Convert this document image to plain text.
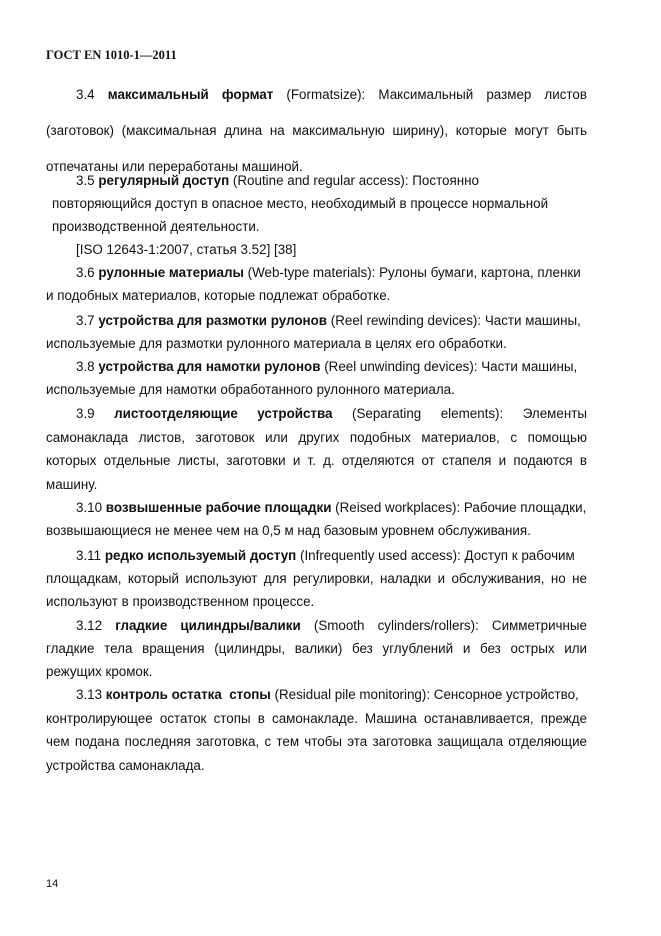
ГОСТ EN 1010-1—2011
3.4 максимальный формат (Formatsize): Максимальный размер листов
(заготовок) (максимальная длина на максимальную ширину), которые могут быть
отпечатаны или переработаны машиной.
3.5 регулярный доступ (Routine and regular access): Постоянно
повторяющийся доступ в опасное место, необходимый в процессе нормальной
производственной деятельности.
[ISO 12643-1:2007, статья 3.52] [38]
3.6 рулонные материалы (Web-type materials): Рулоны бумаги, картона, пленки
и подобных материалов, которые подлежат обработке.
3.7 устройства для размотки рулонов (Reel rewinding devices): Части машины,
используемые для размотки рулонного материала в целях его обработки.
3.8 устройства для намотки рулонов (Reel unwinding devices): Части машины,
используемые для намотки обработанного рулонного материала.
3.9 листоотделяющие устройства (Separating elements): Элементы
самонаклада листов, заготовок или других подобных материалов, с помощью
которых отдельные листы, заготовки и т. д. отделяются от стапеля и подаются в
машину.
3.10 возвышенные рабочие площадки (Reised workplaces): Рабочие площадки,
возвышающиеся не менее чем на 0,5 м над базовым уровнем обслуживания.
3.11 редко используемый доступ (Infrequently used access): Доступ к рабочим
площадкам, который используют для регулировки, наладки и обслуживания, но не
используют в производственном процессе.
3.12 гладкие цилиндры/валики (Smooth cylinders/rollers): Симметричные
гладкие тела вращения (цилиндры, валики) без углублений и без острых или
режущих кромок.
3.13 контроль остатка  стопы (Residual pile monitoring): Сенсорное устройство,
контролирующее остаток стопы в самонакладе. Машина останавливается, прежде
чем подана последняя заготовка, с тем чтобы эта заготовка защищала отделяющие
устройства самонаклада.
14
